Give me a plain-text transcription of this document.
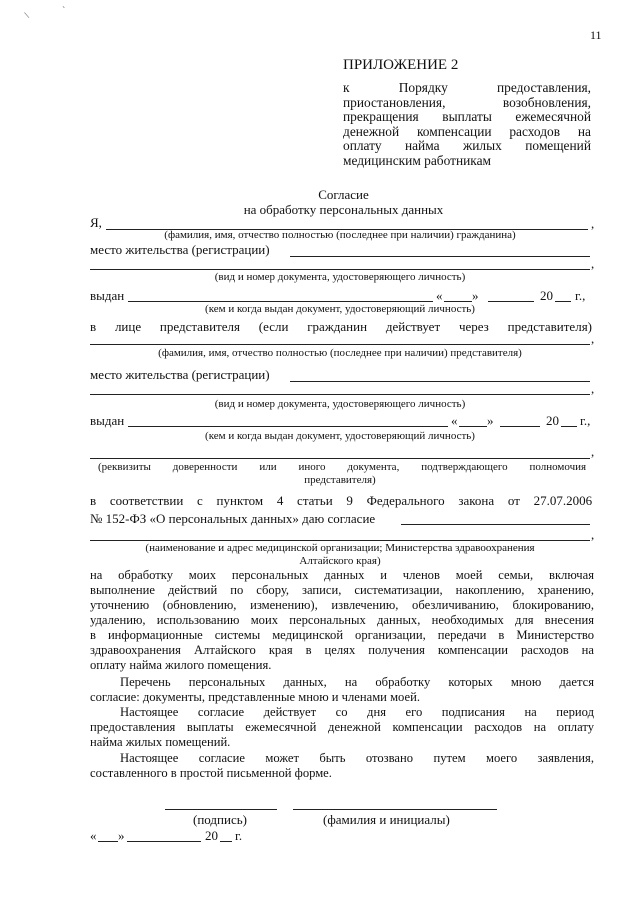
/	`
11
ПРИЛОЖЕНИЕ 2
к Порядку предоставления,
приостановления, возобновления,
прекращения выплаты ежемесячной
денежной компенсации расходов на
оплату найма жилых помещений
медицинским работникам
Согласие
на обработку персональных данных
Я,	,
(фамилия, имя, отчество полностью (последнее при наличии) гражданина)
место жительства (регистрации)
,
(вид и номер документа, удостоверяющего личность)
выдан	« »	20 г.,
(кем и когда выдан документ, удостоверяющий личность)
в лице представителя (если гражданин действует через представителя)
,
(фамилия, имя, отчество полностью (последнее при наличии) представителя)
место жительства (регистрации)
,
(вид и номер документа, удостоверяющего личность)
выдан	« »	20 г.,
(кем и когда выдан документ, удостоверяющий личность)
,
(реквизиты доверенности или иного документа, подтверждающего полномочия
представителя)
в соответствии с пунктом 4 статьи 9 Федерального закона от 27.07.2006
№ 152-ФЗ «О персональных данных» даю согласие
,
(наименование и адрес медицинской организации; Министерства здравоохранения
Алтайского края)
на обработку моих персональных данных и членов моей семьи, включая
выполнение действий по сбору, записи, систематизации, накоплению, хранению,
уточнению (обновлению, изменению), извлечению, обезличиванию, блокированию,
удалению, использованию моих персональных данных, необходимых для внесения
в информационные системы медицинской организации, передачи в Министерство
здравоохранения Алтайского края в целях получения компенсации расходов на
оплату найма жилого помещения.
Перечень персональных данных, на обработку которых мною дается
согласие: документы, представленные мною и членами моей.
Настоящее согласие действует со дня его подписания на период
предоставления выплаты ежемесячной денежной компенсации расходов на оплату
найма жилых помещений.
Настоящее согласие может быть отозвано путем моего заявления,
составленного в простой письменной форме.
(подпись)	(фамилия и инициалы)
« »	20 г.
